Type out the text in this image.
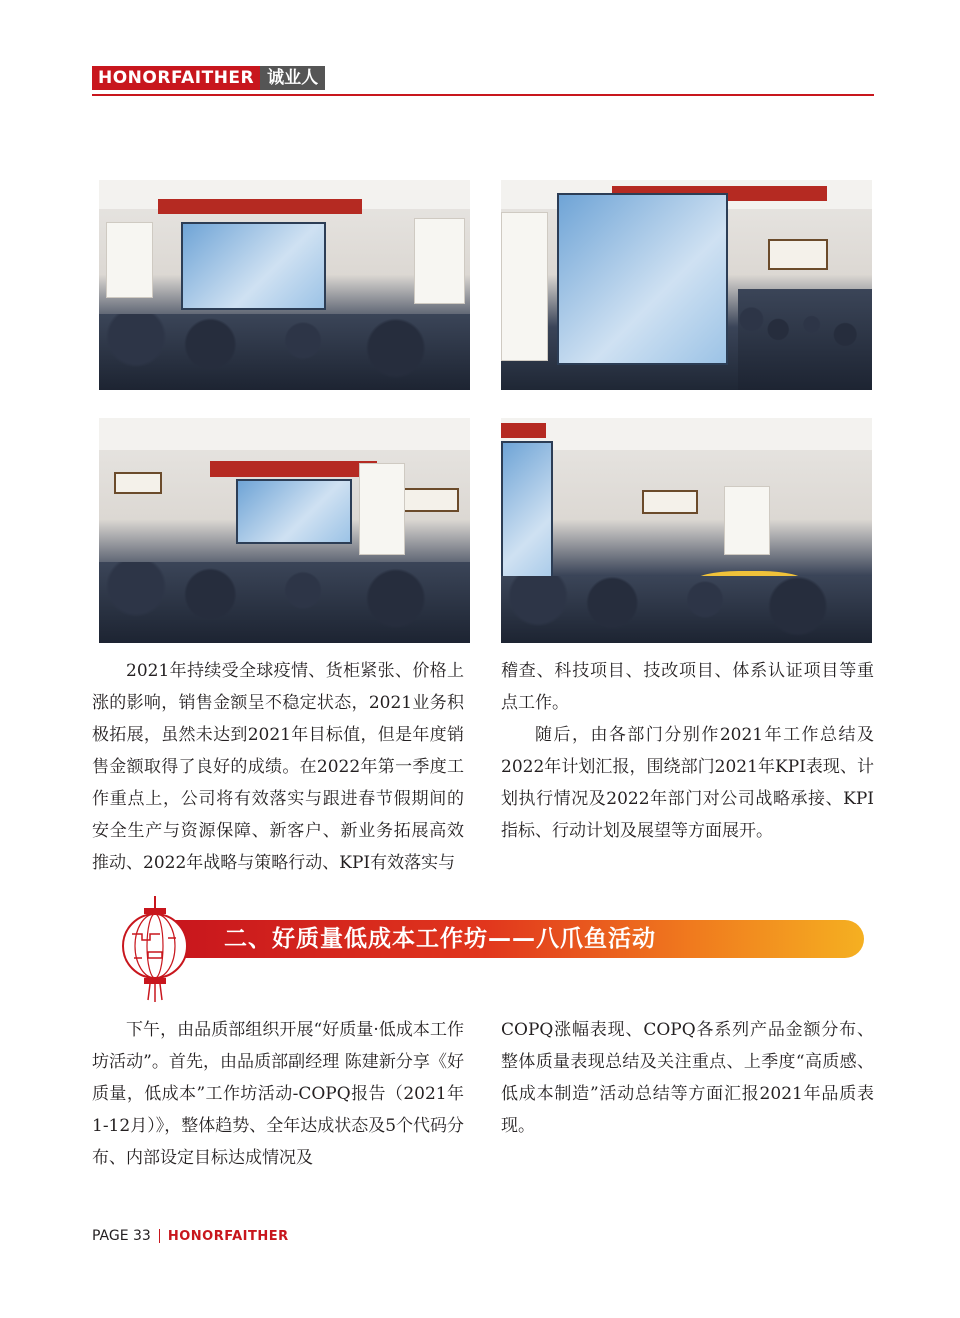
HONORFAITHER 诚业人

2021年持续受全球疫情、货柜紧张、价格上涨的影响，销售金额呈不稳定状态，2021业务积极拓展，虽然未达到2021年目标值，但是年度销售金额取得了良好的成绩。在2022年第一季度工作重点上，公司将有效落实与跟进春节假期间的安全生产与资源保障、新客户、新业务拓展高效推动、2022年战略与策略行动、KPI有效落实与

稽查、科技项目、技改项目、体系认证项目等重点工作。

随后，由各部门分别作2021年工作总结及2022年计划汇报，围绕部门2021年KPI表现、计划执行情况及2022年部门对公司战略承接、KPI指标、行动计划及展望等方面展开。

二、好质量低成本工作坊——八爪鱼活动

下午，由品质部组织开展“好质量·低成本工作坊活动”。首先，由品质部副经理 陈建新分享《好质量，低成本”工作坊活动-COPQ报告（2021年1-12月）》，整体趋势、全年达成状态及5个代码分布、内部设定目标达成情况及

COPQ涨幅表现、COPQ各系列产品金额分布、整体质量表现总结及关注重点、上季度“高质感、低成本制造”活动总结等方面汇报2021年品质表现。

PAGE 33 HONORFAITHER
